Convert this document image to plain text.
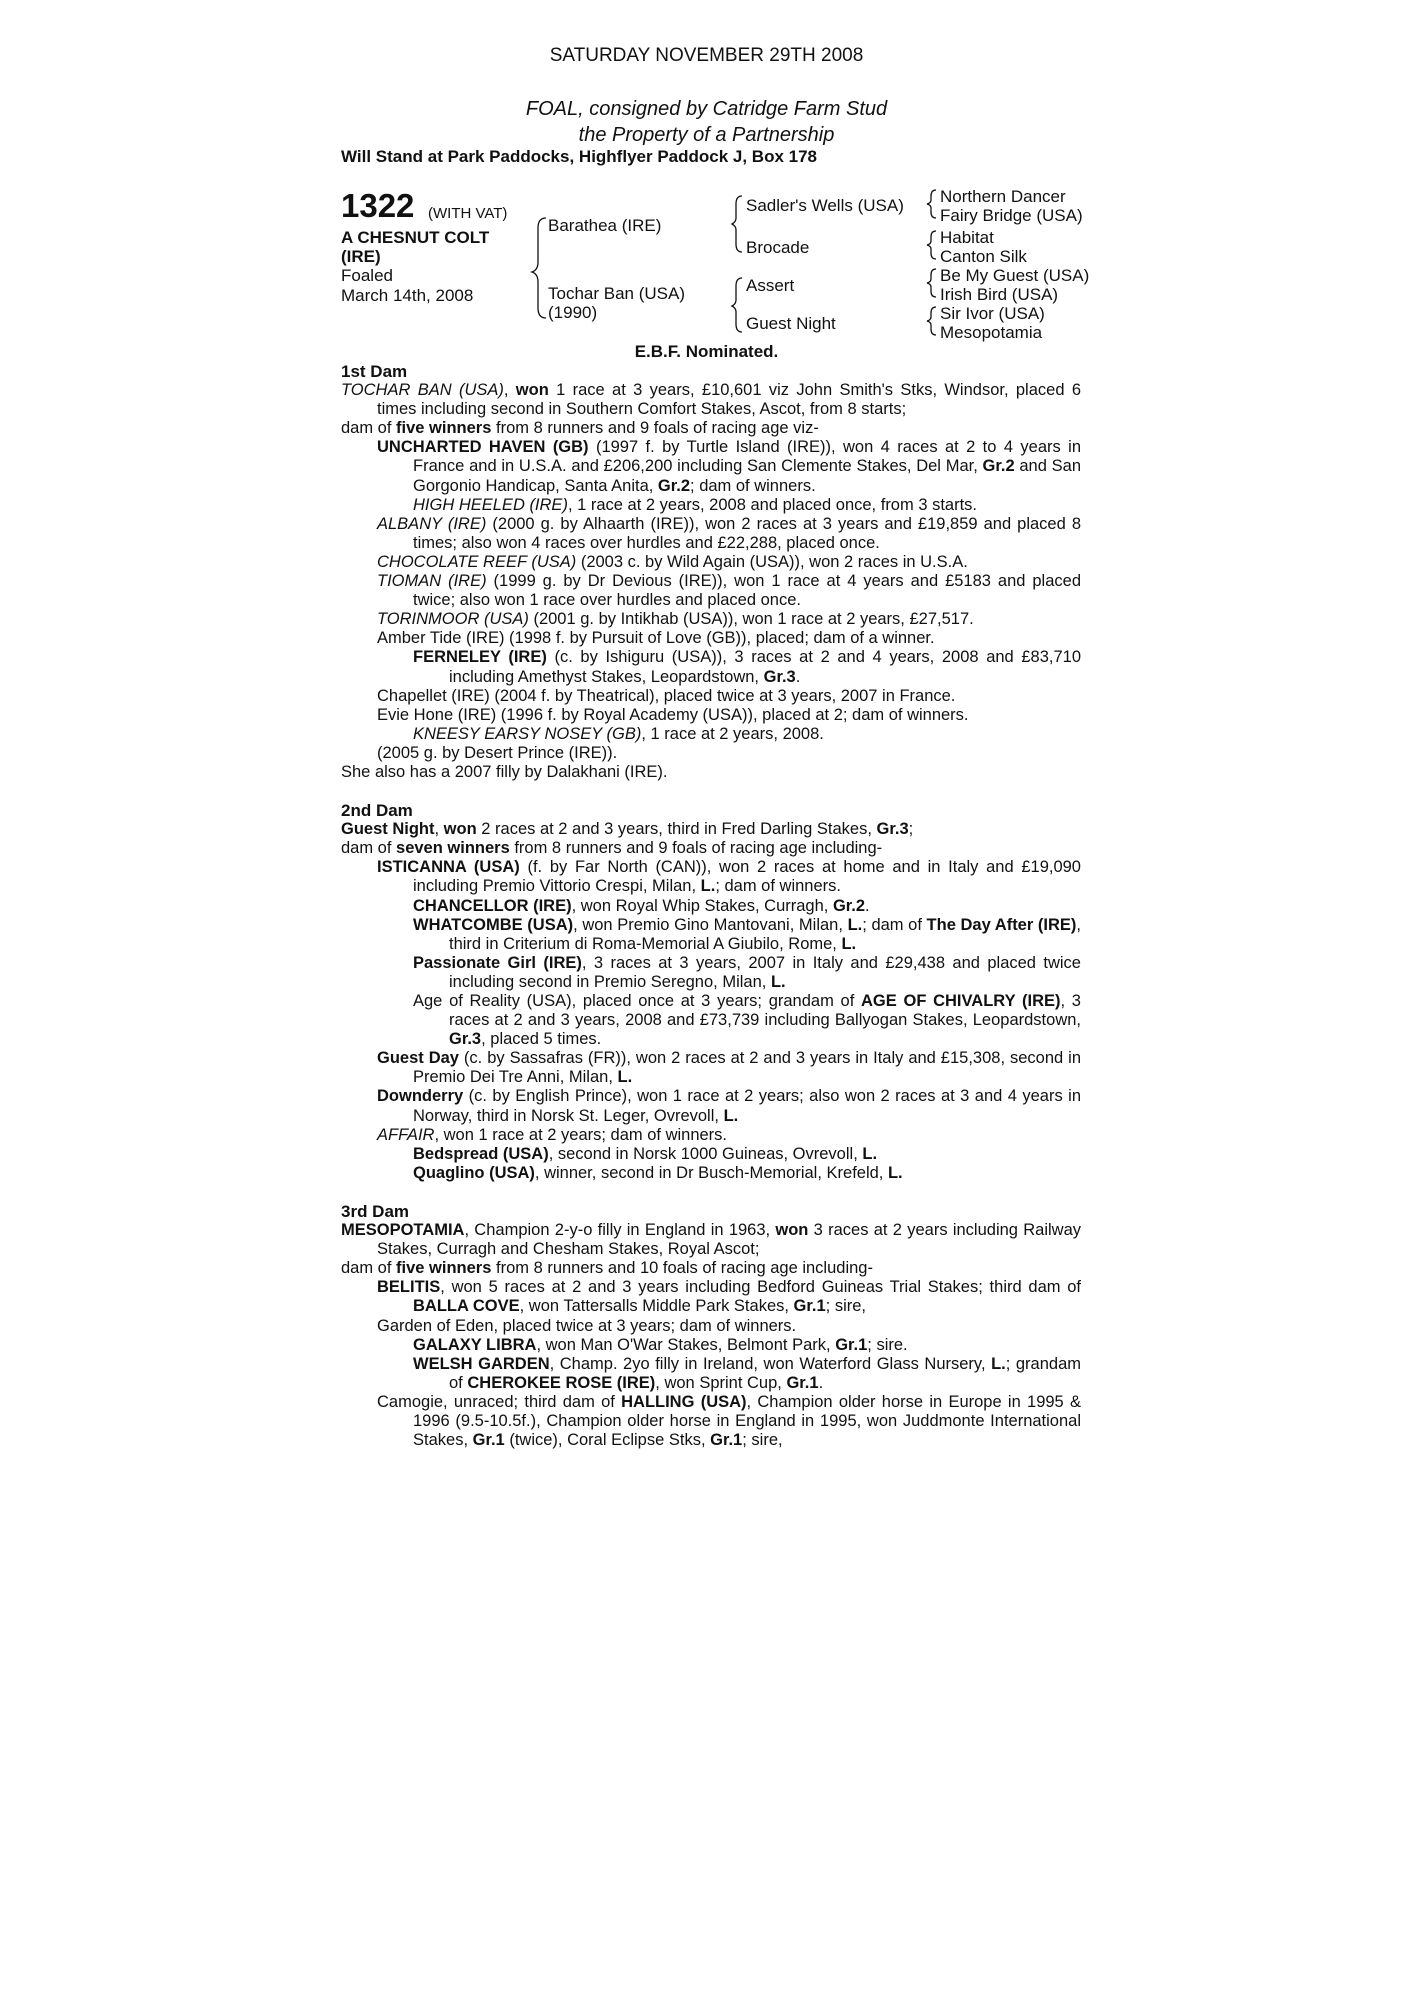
SATURDAY NOVEMBER 29TH 2008
FOAL, consigned by Catridge Farm Stud
the Property of a Partnership
Will Stand at Park Paddocks, Highflyer Paddock J, Box 178
1322 (WITH VAT)
A CHESNUT COLT
(IRE)
Foaled
March 14th, 2008
Barathea (IRE)
Tochar Ban (USA)
(1990)
Sadler's Wells (USA)
Brocade
Assert
Guest Night
Northern Dancer
Fairy Bridge (USA)
Habitat
Canton Silk
Be My Guest (USA)
Irish Bird (USA)
Sir Ivor (USA)
Mesopotamia
E.B.F. Nominated.

1st Dam

TOCHAR BAN (USA), won 1 race at 3 years, £10,601 viz John Smith's Stks, Windsor, placed 6 times including second in Southern Comfort Stakes, Ascot, from 8 starts;

dam of five winners from 8 runners and 9 foals of racing age viz-

UNCHARTED HAVEN (GB) (1997 f. by Turtle Island (IRE)), won 4 races at 2 to 4 years in France and in U.S.A. and £206,200 including San Clemente Stakes, Del Mar, Gr.2 and San Gorgonio Handicap, Santa Anita, Gr.2; dam of winners.

HIGH HEELED (IRE), 1 race at 2 years, 2008 and placed once, from 3 starts.

ALBANY (IRE) (2000 g. by Alhaarth (IRE)), won 2 races at 3 years and £19,859 and placed 8 times; also won 4 races over hurdles and £22,288, placed once.

CHOCOLATE REEF (USA) (2003 c. by Wild Again (USA)), won 2 races in U.S.A.

TIOMAN (IRE) (1999 g. by Dr Devious (IRE)), won 1 race at 4 years and £5183 and placed twice; also won 1 race over hurdles and placed once.

TORINMOOR (USA) (2001 g. by Intikhab (USA)), won 1 race at 2 years, £27,517.

Amber Tide (IRE) (1998 f. by Pursuit of Love (GB)), placed; dam of a winner.

FERNELEY (IRE) (c. by Ishiguru (USA)), 3 races at 2 and 4 years, 2008 and £83,710 including Amethyst Stakes, Leopardstown, Gr.3.

Chapellet (IRE) (2004 f. by Theatrical), placed twice at 3 years, 2007 in France.

Evie Hone (IRE) (1996 f. by Royal Academy (USA)), placed at 2; dam of winners.

KNEESY EARSY NOSEY (GB), 1 race at 2 years, 2008.

(2005 g. by Desert Prince (IRE)).

She also has a 2007 filly by Dalakhani (IRE).

2nd Dam

Guest Night, won 2 races at 2 and 3 years, third in Fred Darling Stakes, Gr.3;

dam of seven winners from 8 runners and 9 foals of racing age including-

ISTICANNA (USA) (f. by Far North (CAN)), won 2 races at home and in Italy and £19,090 including Premio Vittorio Crespi, Milan, L.; dam of winners.

CHANCELLOR (IRE), won Royal Whip Stakes, Curragh, Gr.2.

WHATCOMBE (USA), won Premio Gino Mantovani, Milan, L.; dam of The Day After (IRE), third in Criterium di Roma-Memorial A Giubilo, Rome, L.

Passionate Girl (IRE), 3 races at 3 years, 2007 in Italy and £29,438 and placed twice including second in Premio Seregno, Milan, L.

Age of Reality (USA), placed once at 3 years; grandam of AGE OF CHIVALRY (IRE), 3 races at 2 and 3 years, 2008 and £73,739 including Ballyogan Stakes, Leopardstown, Gr.3, placed 5 times.

Guest Day (c. by Sassafras (FR)), won 2 races at 2 and 3 years in Italy and £15,308, second in Premio Dei Tre Anni, Milan, L.

Downderry (c. by English Prince), won 1 race at 2 years; also won 2 races at 3 and 4 years in Norway, third in Norsk St. Leger, Ovrevoll, L.

AFFAIR, won 1 race at 2 years; dam of winners.

Bedspread (USA), second in Norsk 1000 Guineas, Ovrevoll, L.

Quaglino (USA), winner, second in Dr Busch-Memorial, Krefeld, L.

3rd Dam

MESOPOTAMIA, Champion 2-y-o filly in England in 1963, won 3 races at 2 years including Railway Stakes, Curragh and Chesham Stakes, Royal Ascot;

dam of five winners from 8 runners and 10 foals of racing age including-

BELITIS, won 5 races at 2 and 3 years including Bedford Guineas Trial Stakes; third dam of BALLA COVE, won Tattersalls Middle Park Stakes, Gr.1; sire,

Garden of Eden, placed twice at 3 years; dam of winners.

GALAXY LIBRA, won Man O'War Stakes, Belmont Park, Gr.1; sire.

WELSH GARDEN, Champ. 2yo filly in Ireland, won Waterford Glass Nursery, L.; grandam of CHEROKEE ROSE (IRE), won Sprint Cup, Gr.1.

Camogie, unraced; third dam of HALLING (USA), Champion older horse in Europe in 1995 & 1996 (9.5-10.5f.), Champion older horse in England in 1995, won Juddmonte International Stakes, Gr.1 (twice), Coral Eclipse Stks, Gr.1; sire,
